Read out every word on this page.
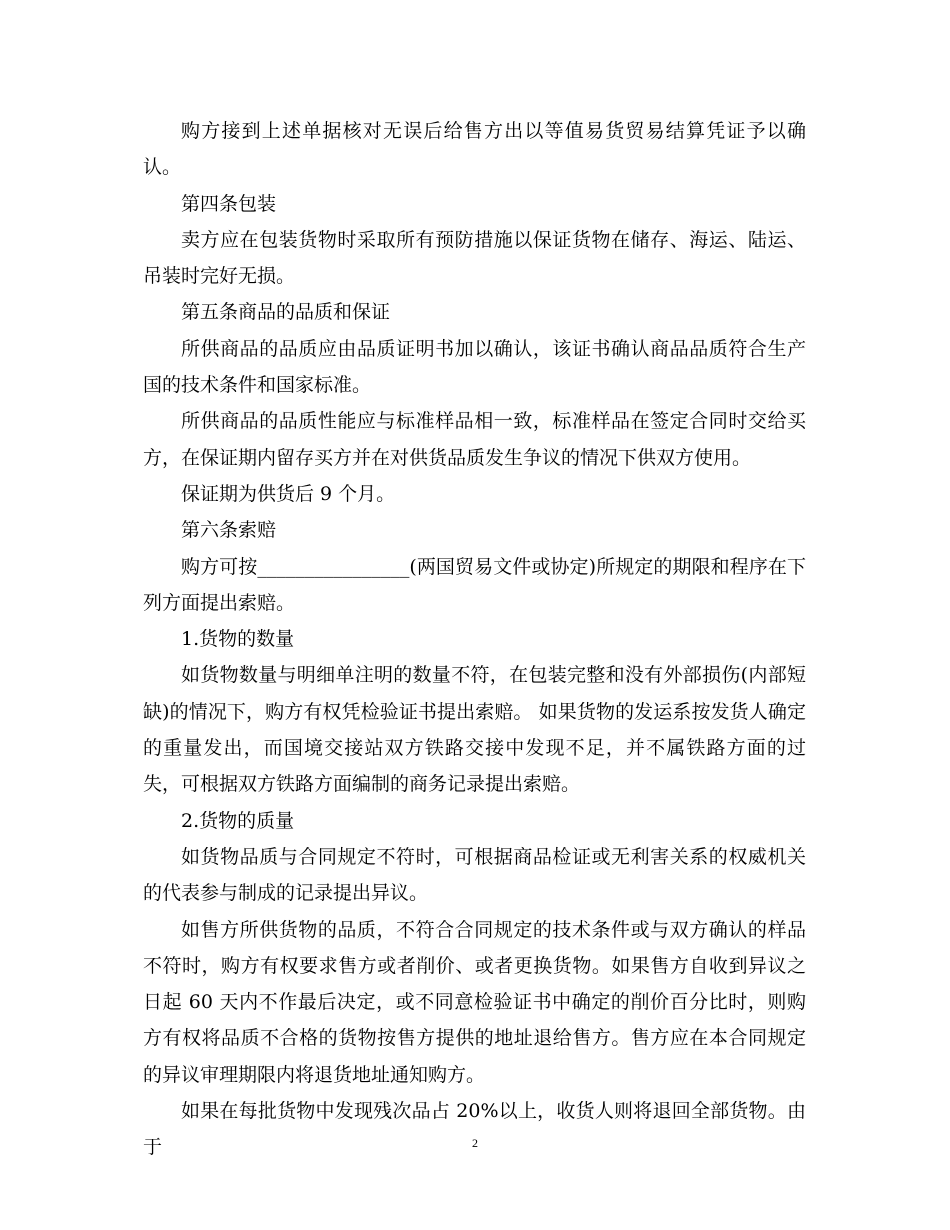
购方接到上述单据核对无误后给售方出以等值易货贸易结算凭证予以确认。

第四条包装

卖方应在包装货物时采取所有预防措施以保证货物在储存、海运、陆运、吊装时完好无损。

第五条商品的品质和保证

所供商品的品质应由品质证明书加以确认，该证书确认商品品质符合生产国的技术条件和国家标准。

所供商品的品质性能应与标准样品相一致，标准样品在签定合同时交给买方，在保证期内留存买方并在对供货品质发生争议的情况下供双方使用。

保证期为供货后 9 个月。

第六条索赔

购方可按________________(两国贸易文件或协定)所规定的期限和程序在下列方面提出索赔。

1.货物的数量

如货物数量与明细单注明的数量不符，在包装完整和没有外部损伤(内部短缺)的情况下，购方有权凭检验证书提出索赔。 如果货物的发运系按发货人确定的重量发出，而国境交接站双方铁路交接中发现不足，并不属铁路方面的过失，可根据双方铁路方面编制的商务记录提出索赔。

2.货物的质量

如货物品质与合同规定不符时，可根据商品检证或无利害关系的权威机关的代表参与制成的记录提出异议。

如售方所供货物的品质，不符合合同规定的技术条件或与双方确认的样品不符时，购方有权要求售方或者削价、或者更换货物。如果售方自收到异议之日起 60 天内不作最后决定，或不同意检验证书中确定的削价百分比时，则购方有权将品质不合格的货物按售方提供的地址退给售方。售方应在本合同规定的异议审理期限内将退货地址通知购方。

如果在每批货物中发现残次品占 20%以上，收货人则将退回全部货物。由于	2
